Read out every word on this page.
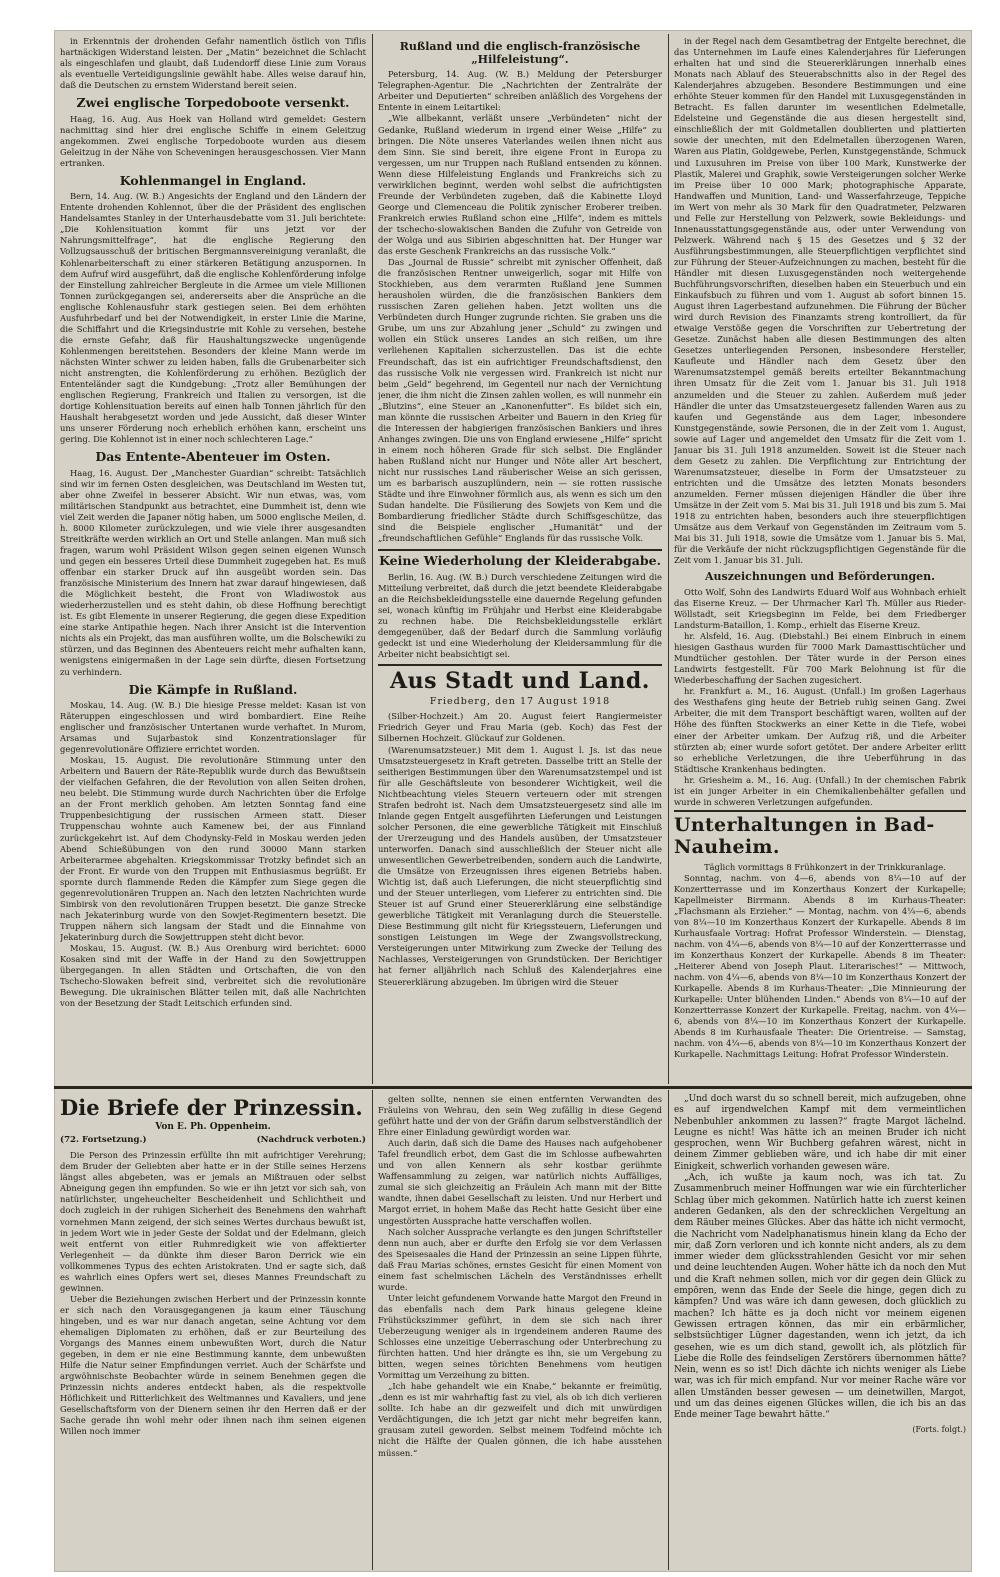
in Erkenntnis der drohenden Gefahr namentlich östlich von Tiflis hartnäckigen Widerstand leisten. Der „Matin“ bezeichnet die Schlacht als eingeschlafen und glaubt, daß Ludendorff diese Linie zum Voraus als eventuelle Verteidigungslinie gewählt habe. Alles weise darauf hin, daß die Deutschen zu ernstem Widerstand bereit seien.

Zwei englische Torpedoboote versenkt.

Haag, 16. Aug. Aus Hoek van Holland wird gemeldet: Gestern nachmittag sind hier drei englische Schiffe in einem Geleitzug angekommen. Zwei englische Torpedoboote wurden aus diesem Geleitzug in der Nähe von Scheveningen herausgeschossen. Vier Mann ertranken.

Kohlenmangel in England.

Bern, 14. Aug. (W. B.) Angesichts der England und den Ländern der Entente drohenden Kohlennot, über die der Präsident des englischen Handelsamtes Stanley in der Unterhausdebatte vom 31. Juli berichtete: „Die Kohlensituation kommt für uns jetzt vor der Nahrungsmittelfrage“, hat die englische Regierung den Vollzugsausschuß der britischen Bergmannsvereinigung veranlaßt, die Kohlenarbeiterschaft zu einer stärkeren Betätigung anzuspornen. In dem Aufruf wird ausgeführt, daß die englische Kohlenförderung infolge der Einstellung zahlreicher Bergleute in die Armee um viele Millionen Tonnen zurückgegangen sei, andererseits aber die Ansprüche an die englische Kohlenausfuhr stark gestiegen seien. Bei dem erhöhten Ausfuhrbedarf und bei der Notwendigkeit, in erster Linie die Marine, die Schiffahrt und die Kriegsindustrie mit Kohle zu versehen, bestehe die ernste Gefahr, daß für Haushaltungszwecke ungenügende Kohlenmengen bereitstehen. Besonders der kleine Mann werde im nächsten Winter schwer zu leiden haben, falls die Grubenarbeiter sich nicht anstrengten, die Kohlenförderung zu erhöhen. Bezüglich der Ententeländer sagt die Kundgebung: „Trotz aller Bemühungen der englischen Regierung, Frankreich und Italien zu versorgen, ist die dortige Kohlensituation bereits auf einen halb Tonnen jährlich für den Haushalt herabgesetzt worden und jede Aussicht, daß dieser Winter uns unserer Förderung noch erheblich erhöhen kann, erscheint uns gering. Die Kohlennot ist in einer noch schlechteren Lage.“

Das Entente-Abenteuer im Osten.

Haag, 16. August. Der „Manchester Guardian“ schreibt: Tatsächlich sind wir im fernen Osten desgleichen, was Deutschland im Westen tut, aber ohne Zweifel in besserer Absicht. Wir nun etwas, was, vom militärischen Standpunkt aus betrachtet, eine Dummheit ist, denn wie viel Zeit werden die Japaner nötig haben, um 5000 englische Meilen, d. h. 8000 Kilometer zurückzulegen, und wie viele ihrer ausgesandten Streitkräfte werden wirklich an Ort und Stelle anlangen. Man muß sich fragen, warum wohl Präsident Wilson gegen seinen eigenen Wunsch und gegen ein besseres Urteil diese Dummheit zugegeben hat. Es muß offenbar ein starker Druck auf ihn ausgeübt worden sein. Das französische Ministerium des Innern hat zwar darauf hingewiesen, daß die Möglichkeit besteht, die Front von Wladiwostok aus wiederherzustellen und es steht dahin, ob diese Hoffnung berechtigt ist. Es gibt Elemente in unserer Regierung, die gegen diese Expedition eine starke Antipathie hegen. Nach ihrer Ansicht ist die Intervention nichts als ein Projekt, das man ausführen wollte, um die Bolschewiki zu stürzen, und das Beginnen des Abenteuers reicht mehr aufhalten kann, wenigstens einigermaßen in der Lage sein dürfte, diesen Fortsetzung zu verhindern.

Die Kämpfe in Rußland.

Moskau, 14. Aug. (W. B.) Die hiesige Presse meldet: Kasan ist von Räteruppen eingeschlossen und wird bombardiert. Eine Reihe englischer und französischer Untertanen wurde verhaftet. In Murom, Arsamas und Sujarbastok sind Konzentrationslager für gegenrevolutionäre Offiziere errichtet worden.

Moskau, 15. August. Die revolutionäre Stimmung unter den Arbeitern und Bauern der Räte-Republik wurde durch das Bewußtsein der vielfachen Gefahren, die der Revolution von allen Seiten drohen, neu belebt. Die Stimmung wurde durch Nachrichten über die Erfolge an der Front merklich gehoben. Am letzten Sonntag fand eine Truppenbesichtigung der russischen Armeen statt. Dieser Truppenschau wohnte auch Kamenew bei, der aus Finnland zurückgekehrt ist. Auf dem Chodynsky-Feld in Moskau werden jeden Abend Schießübungen von den rund 30000 Mann starken Arbeiterarmee abgehalten. Kriegskommissar Trotzky befindet sich an der Front. Er wurde von den Truppen mit Enthusiasmus begrüßt. Er spornte durch flammende Reden die Kämpfer zum Siege gegen die gegenrevolutionären Truppen an. Nach den letzten Nachrichten wurde Simbirsk von den revolutionären Truppen besetzt. Die ganze Strecke nach Jekaterinburg wurde von den Sowjet-Regimentern besetzt. Die Truppen nähern sich langsam der Stadt und die Einnahme von Jekaterinburg durch die Sowjettruppen steht dicht bevor.

Moskau, 15. August. (W. B.) Aus Orenburg wird berichtet: 6000 Kosaken sind mit der Waffe in der Hand zu den Sowjettruppen übergegangen. In allen Städten und Ortschaften, die von den Tschecho-Slowaken befreit sind, verbreitet sich die revolutionäre Bewegung. Die ukrainischen Blätter teilen mit, daß alle Nachrichten von der Besetzung der Stadt Leitschich erfunden sind.

Rußland und die englisch-französische „Hilfeleistung“.

Petersburg, 14. Aug. (W. B.) Meldung der Petersburger Telegraphen-Agentur. Die „Nachrichten der Zentralräte der Arbeiter und Deputierten“ schreiben anläßlich des Vorgehens der Entente in einem Leitartikel:

„Wie allbekannt, verläßt unsere „Verbündeten“ nicht der Gedanke, Rußland wiederum in irgend einer Weise „Hilfe“ zu bringen. Die Nöte unseres Vaterlandes weilen ihnen nicht aus dem Sinn. Sie sind bereit, ihre eigene Front in Europa zu vergessen, um nur Truppen nach Rußland entsenden zu können. Wenn diese Hilfeleistung Englands und Frankreichs sich zu verwirklichen beginnt, werden wohl selbst die aufrichtigsten Freunde der Verbündeten zugeben, daß die Kabinette Lloyd George und Clemenceau die Politik zynischer Eroberer treiben. Frankreich erwies Rußland schon eine „Hilfe“, indem es mittels der tschecho-slowakischen Banden die Zufuhr von Getreide von der Wolga und aus Sibirien abgeschnitten hat. Der Hunger war das erste Geschenk Frankreichs an das russische Volk.“

Das „Journal de Russie“ schreibt mit zynischer Offenheit, daß die französischen Rentner unweigerlich, sogar mit Hilfe von Stockhieben, aus dem verarmten Rußland jene Summen herausholen würden, die die französischen Bankiers dem russischen Zaren geliehen haben. Jetzt wollten uns die Verbündeten durch Hunger zugrunde richten. Sie graben uns die Grube, um uns zur Abzahlung jener „Schuld“ zu zwingen und wollen ein Stück unseres Landes an sich reißen, um ihre verliehenen Kapitalien sicherzustellen. Das ist die echte Freundschaft, das ist ein aufrichtiger Freundschaftsdienst, den das russische Volk nie vergessen wird. Frankreich ist nicht nur beim „Geld“ begehrend, im Gegenteil nur nach der Vernichtung jener, die ihm nicht die Zinsen zahlen wollen, es will nunmehr ein „Blutzins“, eine Steuer an „Kanonenfutter“. Es bildet sich ein, man könnte die russischen Arbeiter und Bauern in den Krieg für die Interessen der habgierigen französischen Bankiers und ihres Anhanges zwingen. Die uns von England erwiesene „Hilfe“ spricht in einem noch höheren Grade für sich selbst. Die Engländer haben Rußland nicht nur Hunger und Nöte aller Art beschert, nicht nur russisches Land räuberischer Weise an sich gerissen, um es barbarisch auszuplündern, nein — sie rotten russische Städte und ihre Einwohner förmlich aus, als wenn es sich um den Sudan handelte. Die Füsilierung des Sowjets von Kem und die Bombardierung friedlicher Städte durch Schiffsgeschütze, das sind die Beispiele englischer „Humanität“ und der „freundschaftlichen Gefühle“ Englands für das russische Volk.

Keine Wiederholung der Kleiderabgabe.

Berlin, 16. Aug. (W. B.) Durch verschiedene Zeitungen wird die Mitteilung verbreitet, daß durch die jetzt beendete Kleiderabgabe an die Reichsbekleidungsstelle eine dauernde Regelung gefunden sei, wonach künftig im Frühjahr und Herbst eine Kleiderabgabe zu rechnen habe. Die Reichsbekleidungsstelle erklärt demgegenüber, daß der Bedarf durch die Sammlung vorläufig gedeckt ist und eine Wiederholung der Kleidersammlung für die Arbeiter nicht beabsichtigt sei.

Aus Stadt und Land.
Friedberg, den 17 August 1918

(Silber-Hochzeit.) Am 20. August feiert Rangiermeister Friedrich Geyer und Frau Maria (geb. Koch) das Fest der Silbernen Hochzeit. Glückauf zur Goldenen.

(Warenumsatzsteuer.) Mit dem 1. August l. Js. ist das neue Umsatzsteuergesetz in Kraft getreten. Dasselbe tritt an Stelle der seitherigen Bestimmungen über den Warenumsatzstempel und ist für alle Geschäftsleute von besonderer Wichtigkeit, weil die Nichtbeachtung vieles Steuern verteuern oder mit strengen Strafen bedroht ist. Nach dem Umsatzsteuergesetz sind alle im Inlande gegen Entgelt ausgeführten Lieferungen und Leistungen solcher Personen, die eine gewerbliche Tätigkeit mit Einschluß der Urerzeugung und des Handels ausüben, der Umsatzsteuer unterworfen. Danach sind ausschließlich der Steuer nicht alle unwesentlichen Gewerbetreibenden, sondern auch die Landwirte, die Umsätze von Erzeugnissen ihres eigenen Betriebs haben. Wichtig ist, daß auch Lieferungen, die nicht steuerpflichtig sind und der Steuer unterliegen, vom Lieferer zu entrichten sind. Die Steuer ist auf Grund einer Steuererklärung eine selbständige gewerbliche Tätigkeit mit Veranlagung durch die Steuerstelle. Diese Bestimmung gilt nicht für Kriegssteuern, Lieferungen und sonstigen Leistungen im Wege der Zwangsvollstreckung, Versteigerungen unter Mitwirkung zum Zwecke der Teilung des Nachlasses, Versteigerungen von Grundstücken. Der Berichtiger hat ferner alljährlich nach Schluß des Kalenderjahres eine Steuererklärung abzugeben. Im übrigen wird die Steuer

in der Regel nach dem Gesamtbetrag der Entgelte berechnet, die das Unternehmen im Laufe eines Kalenderjahres für Lieferungen erhalten hat und sind die Steuererklärungen innerhalb eines Monats nach Ablauf des Steuerabschnitts also in der Regel des Kalenderjahres abzugeben. Besondere Bestimmungen und eine erhöhte Steuer kommen für den Handel mit Luxusgegenständen in Betracht. Es fallen darunter im wesentlichen Edelmetalle, Edelsteine und Gegenstände die aus diesen hergestellt sind, einschließlich der mit Goldmetallen doublierten und plattierten sowie der unechten, mit den Edelmetallen überzogenen Waren, Waren aus Platin, Goldgewebe, Perlen, Kunstgegenstände, Schmuck und Luxusuhren im Preise von über 100 Mark, Kunstwerke der Plastik, Malerei und Graphik, sowie Versteigerungen solcher Werke im Preise über 10 000 Mark; photographische Apparate, Handwaffen und Munition, Land- und Wasserfahrzeuge, Teppiche im Wert von mehr als 30 Mark für den Quadratmeter, Pelzwaren und Felle zur Herstellung von Pelzwerk, sowie Bekleidungs- und Innenausstattungsgegenstände aus, oder unter Verwendung von Pelzwerk. Während nach § 15 des Gesetzes und § 32 der Ausführungsbestimmungen, alle Steuerpflichtigen verpflichtet sind zur Führung der Steuer-Aufzeichnungen zu machen, besteht für die Händler mit diesen Luxusgegenständen noch weitergehende Buchführungsvorschriften, dieselben haben ein Steuerbuch und ein Einkaufsbuch zu führen und vom 1. August ab sofort binnen 15. August ihren Lagerbestand aufzunehmen. Die Führung der Bücher wird durch Revision des Finanzamts streng kontrolliert, da für etwaige Verstöße gegen die Vorschriften zur Uebertretung der Gesetze. Zunächst haben alle diesen Bestimmungen des alten Gesetzes unterliegenden Personen, insbesondere Hersteller, Kaufleute und Händler nach dem Gesetz über den Warenumsatzstempel gemäß bereits erteilter Bekanntmachung ihren Umsatz für die Zeit vom 1. Januar bis 31. Juli 1918 anzumelden und die Steuer zu zahlen. Außerdem muß jeder Händler die unter das Umsatzsteuergesetz fallenden Waren aus zu kaufen und Gegenstände aus dem Lager, inbesondere Kunstgegenstände, sowie Personen, die in der Zeit vom 1. August, sowie auf Lager und angemeldet den Umsatz für die Zeit vom 1. Januar bis 31. Juli 1918 anzumelden. Soweit ist die Steuer nach dem Gesetz zu zahlen. Die Verpflichtung zur Entrichtung der Warenumsatzsteuer, dieselbe in Form der Umsatzsteuer zu entrichten und die Umsätze des letzten Monats besonders anzumelden. Ferner müssen diejenigen Händler die über ihre Umsätze in der Zeit vom 5. Mai bis 31. Juli 1918 und bis zum 5. Mai 1918 zu entrichten haben, besonders auch ihre steuerpflichtigen Umsätze aus dem Verkauf von Gegenständen im Zeitraum vom 5. Mai bis 31. Juli 1918, sowie die Umsätze vom 1. Januar bis 5. Mai, für die Verkäufe der nicht rückzugspflichtigen Gegenstände für die Zeit vom 1. Januar bis 31. Juli.

Auszeichnungen und Beförderungen.

Otto Wolf, Sohn des Landwirts Eduard Wolf aus Wohnbach erhielt das Eiserne Kreuz. — Der Uhrmacher Karl Th. Müller aus Rieder-Wöllstadt, seit Kriegsbeginn im Felde, bei dem Friedberger Landsturm-Bataillon, 1. Komp., erhielt das Eiserne Kreuz.

hr. Alsfeld, 16. Aug. (Diebstahl.) Bei einem Einbruch in einem hiesigen Gasthaus wurden für 7000 Mark Damasttischtücher und Mundtücher gestohlen. Der Täter wurde in der Person eines Landwirts festgestellt. Für 700 Mark Belohnung ist für die Wiederbeschaffung der Sachen zugesichert.

hr. Frankfurt a. M., 16. August. (Unfall.) Im großen Lagerhaus des Westhafens ging heute der Betrieb ruhig seinen Gang. Zwei Arbeiter, die mit dem Transport beschäftigt waren, wollten auf der Höhe des fünften Stockwerks an einer Kette in die Tiefe, wobei einer der Arbeiter umkam. Der Aufzug riß, und die Arbeiter stürzten ab; einer wurde sofort getötet. Der andere Arbeiter erlitt so erhebliche Verletzungen, die ihre Ueberführung in das Städtische Krankenhaus bedingten.

hr. Griesheim a. M., 16. Aug. (Unfall.) In der chemischen Fabrik ist ein junger Arbeiter in ein Chemikalienbehälter gefallen und wurde in schweren Verletzungen aufgefunden.

Unterhaltungen in Bad-Nauheim.

Täglich vormittags 8 Frühkonzert in der Trinkkuranlage.

Sonntag, nachm. von 4—6, abends von 8¼—10 auf der Konzertterrasse und im Konzerthaus Konzert der Kurkapelle; Kapellmeister Birrmann. Abends 8 im Kurhaus-Theater: „Flachsmann als Erzieher.“ — Montag, nachm. von 4¼—6, abends von 8¼—10 im Konzerthaus Konzert der Kurkapelle. Abends 8 im Kurhausfaale Vortrag: Hofrat Professor Winderstein. — Dienstag, nachm. von 4¼—6, abends von 8¼—10 auf der Konzertterrasse und im Konzerthaus Konzert der Kurkapelle. Abends 8 im Theater: „Heiterer Abend von Joseph Plaut. Literarisches!“ — Mittwoch, nachm. von 4¼—6, abends von 8¼—10 im Konzerthaus Konzert der Kurkapelle. Abends 8 im Kurhaus-Theater: „Die Minnieurung der Kurkapelle: Unter blühenden Linden.“ Abends von 8¼—10 auf der Konzertterrasse Konzert der Kurkapelle. Freitag, nachm. von 4¼—6, abends von 8¼—10 im Konzerthaus Konzert der Kurkapelle. Abends 8 im Kurhausfaale Theater: Die Orientreise. — Samstag, nachm. von 4¼—6, abends von 8¼—10 im Konzerthaus Konzert der Kurkapelle. Nachmittags Leitung: Hofrat Professor Winderstein.

Die Briefe der Prinzessin.
Von E. Ph. Oppenheim.
(72. Fortsetzung.)	(Nachdruck verboten.)

Die Person des Prinzessin erfüllte ihn mit aufrichtiger Verehrung; dem Bruder der Geliebten aber hatte er in der Stille seines Herzens längst alles abgebeten, was er jemals an Mißtrauen oder selbst Abneigung gegen ihn empfunden. So wie er ihn jetzt vor sich sah, von natürlichster, ungeheuchelter Bescheidenheit und Schlichtheit und doch zugleich in der ruhigen Sicherheit des Benehmens den wahrhaft vornehmen Mann zeigend, der sich seines Wertes durchaus bewußt ist, in jedem Wort wie in jeder Geste der Soldat und der Edelmann, gleich weit entfernt von eitler Ruhmredigkeit wie von affektierter Verlegenheit — da dünkte ihm dieser Baron Derrick wie ein vollkommenes Typus des echten Aristokraten. Und er sagte sich, daß es wahrlich eines Opfers wert sei, dieses Mannes Freundschaft zu gewinnen.

Ueber die Beziehungen zwischen Herbert und der Prinzessin konnte er sich nach den Vorausgegangenen ja kaum einer Täuschung hingeben, und es war nur danach angetan, seine Achtung vor dem ehemaligen Diplomaten zu erhöhen, daß er zur Beurteilung des Vorgangs des Mannes einem unbewußten Wort, durch die Natur gegeben, in dem er nie eine Bestimmung kannte, dem unbewußten Hilfe die Natur seiner Empfindungen verriet. Auch der Schärfste und argwöhnischste Beobachter würde in seinem Benehmen gegen die Prinzessin nichts anderes entdeckt haben, als die respektvolle Höflichkeit und Ritterlichkeit des Weltmannes und Kavaliers, und jene Gesellschaftsform von der Dienern seinen ihr den Herren daß er der Sache gerade ihn wohl mehr oder ihnen nach ihm seinen eigenen Willen noch immer

gelten sollte, nennen sie einen entfernten Verwandten des Fräuleins von Wehrau, den sein Weg zufällig in diese Gegend geführt hatte und der von der Gräfin darum selbstverständlich der Ehre einer Einladung gewürdigt worden war.

Auch darin, daß sich die Dame des Hauses nach aufgehobener Tafel freundlich erbot, dem Gast die im Schlosse aufbewahrten und von allen Kennern als sehr kostbar gerühmte Waffensammlung zu zeigen, war natürlich nichts Auffälliges, zumal sie sich gleichzeitig an Fräulein Ach mann mit der Bitte wandte, ihnen dabei Gesellschaft zu leisten. Und nur Herbert und Margot erriet, in hohem Maße das Recht hatte Gesicht über eine ungestörten Aussprache hatte verschaffen wollen.

Nach solcher Aussprache verlangte es den jungen Schriftsteller denn nun auch, aber er durfte den Erfolg sie vor dem Verlassen des Speisesaales die Hand der Prinzessin an seine Lippen führte, daß Frau Marias schönes, ernstes Gesicht für einen Moment von einem fast schelmischen Lächeln des Verständnisses erhellt wurde.

Unter leicht gefundenem Vorwande hatte Margot den Freund in das ebenfalls nach dem Park hinaus gelegene kleine Frühstückszimmer geführt, in dem sie sich nach ihrer Ueberzeugung weniger als in irgendeinem anderen Raume des Schlosses eine unzeitige Ueberraschung oder Unterbrechung zu fürchten hatten. Und hier drängte es ihn, sie um Vergebung zu bitten, wegen seines törichten Benehmens vom heutigen Vormittag um Verzeihung zu bitten.

„Ich habe gehandelt wie ein Knabe,“ bekannte er freimütig, „denn es ist mir wahrhaftig fast zu viel, als ob ich dich verlieren sollte. Ich habe an dir gezweifelt und dich mit unwürdigen Verdächtigungen, die ich jetzt gar nicht mehr begreifen kann, grausam zuteil geworden. Selbst meinem Todfeind möchte ich nicht die Hälfte der Qualen gönnen, die ich habe ausstehen müssen.“

„Und doch warst du so schnell bereit, mich aufzugeben, ohne es auf irgendwelchen Kampf mit dem vermeintlichen Nebenbuhler ankommen zu lassen?“ fragte Margot lächelnd. Leugne es nicht! Was hätte ich an meinen Bruder ich nicht gesprochen, wenn Wir Buchberg gefahren wärest, nicht in deinem Zimmer geblieben wäre, und ich habe dir mit einer Einigkeit, schwerlich vorhanden gewesen wäre.

„Ach, ich wußte ja kaum noch, was ich tat. Zu Zusammenbruch meiner Hoffnungen war wie ein fürchterlicher Schlag über mich gekommen. Natürlich hatte ich zuerst keinen anderen Gedanken, als den der schrecklichen Vergeltung an dem Räuber meines Glückes. Aber das hätte ich nicht vermocht, die Nachricht vom Nadelphanatismus hinein klang da Echo der mir, daß Zorn verloren und ich konnte nicht anders, als zu dem immer wieder dem glücksstrahlenden Gesicht vor mir sehen und deine leuchtenden Augen. Woher hätte ich da noch den Mut und die Kraft nehmen sollen, mich vor dir gegen dein Glück zu empören, wenn das Ende der Seele die hinge, gegen dich zu kämpfen? Und was wäre ich dann gewesen, doch glücklich zu machen? Ich hätte es ja doch nicht vor meinem eigenen Gewissen ertragen können, das mir ein erbärmlicher, selbstsüchtiger Lügner dagestanden, wenn ich jetzt, da ich gesehen, wie es um dich stand, gewollt ich, als plötzlich für Liebe die Rolle des feindseligen Zerstörers übernommen hätte? Nein, wenn es so ist! Dich dächte ich nichts weniger als Liebe war, was ich für mich empfand. Nur vor meiner Rache wäre vor allen Umständen besser gewesen — um deinetwillen, Margot, und um das deines eigenen Glückes willen, die ich bis an das Ende meiner Tage bewahrt hätte.“

(Forts. folgt.)
